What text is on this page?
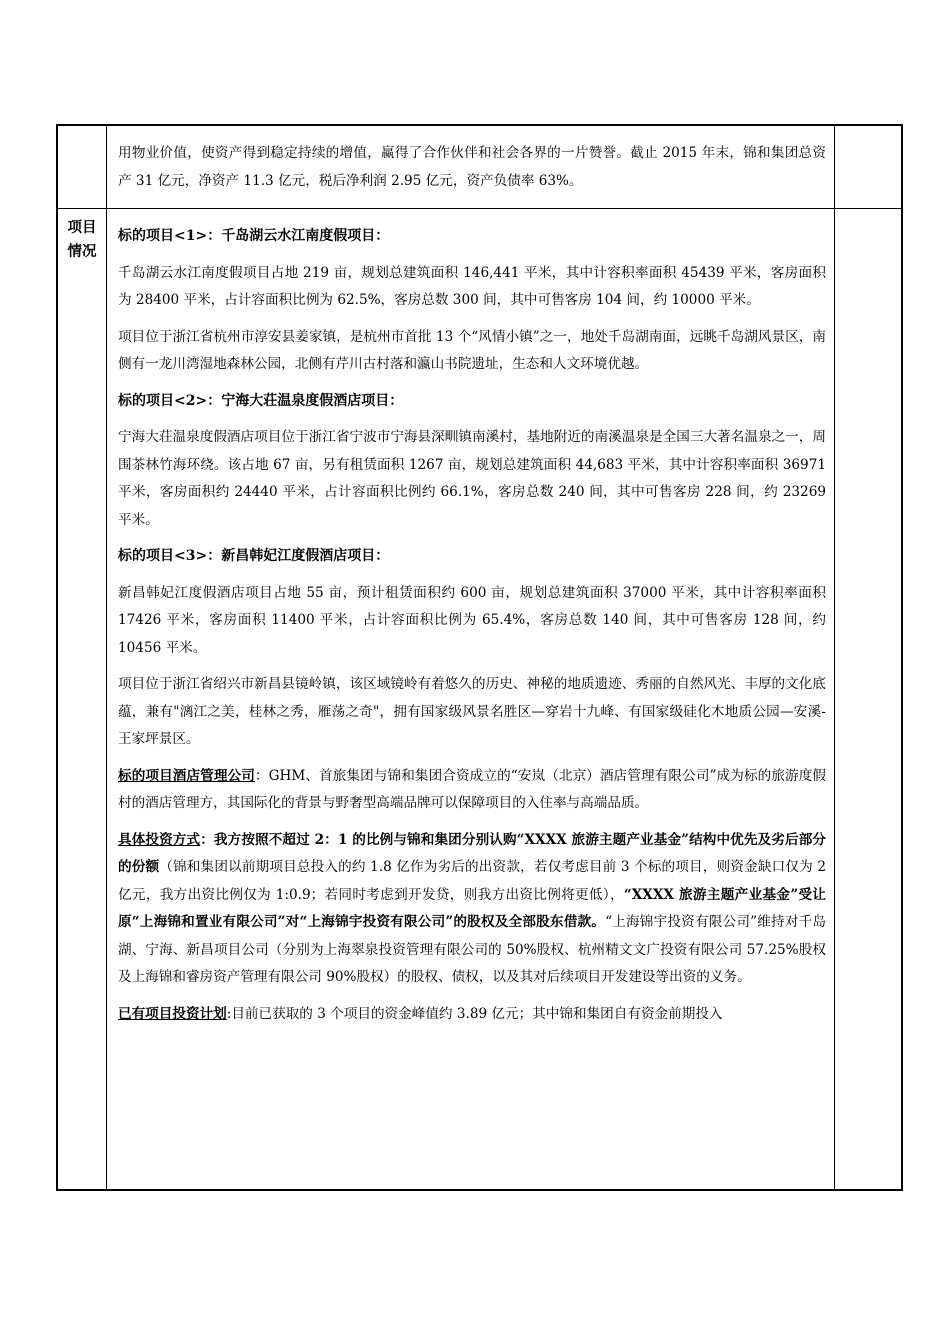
用物业价值，使资产得到稳定持续的增值，赢得了合作伙伴和社会各界的一片赞誉。截止 2015 年末，锦和集团总资产 31 亿元，净资产 11.3 亿元，税后净利润 2.95 亿元，资产负债率 63%。

项目
情况

标的项目<1>：千岛湖云水江南度假项目：

千岛湖云水江南度假项目占地 219 亩，规划总建筑面积 146,441 平米，其中计容积率面积 45439 平米，客房面积为 28400 平米，占计容面积比例为 62.5%，客房总数 300 间，其中可售客房 104 间，约 10000 平米。

项目位于浙江省杭州市淳安县姜家镇，是杭州市首批 13 个“风情小镇”之一，地处千岛湖南面，远眺千岛湖风景区，南侧有一龙川湾湿地森林公园，北侧有芹川古村落和瀛山书院遗址，生态和人文环境优越。

标的项目<2>：宁海大荘温泉度假酒店项目：

宁海大荘温泉度假酒店项目位于浙江省宁波市宁海县深甽镇南溪村，基地附近的南溪温泉是全国三大著名温泉之一，周围茶林竹海环绕。该占地 67 亩，另有租赁面积 1267 亩，规划总建筑面积 44,683 平米，其中计容积率面积 36971 平米，客房面积约 24440 平米，占计容面积比例约 66.1%，客房总数 240 间，其中可售客房 228 间，约 23269 平米。

标的项目<3>：新昌韩妃江度假酒店项目：

新昌韩妃江度假酒店项目占地 55 亩，预计租赁面积约 600 亩，规划总建筑面积 37000 平米，其中计容积率面积 17426 平米，客房面积 11400 平米，占计容面积比例为 65.4%，客房总数 140 间，其中可售客房 128 间，约 10456 平米。

项目位于浙江省绍兴市新昌县镜岭镇，该区域镜岭有着悠久的历史、神秘的地质遗迹、秀丽的自然风光、丰厚的文化底蕴，兼有"漓江之美，桂林之秀，雁荡之奇"，拥有国家级风景名胜区—穿岩十九峰、有国家级硅化木地质公园—安溪-王家坪景区。

标的项目酒店管理公司：GHM、首旅集团与锦和集团合资成立的“安岚（北京）酒店管理有限公司”成为标的旅游度假村的酒店管理方，其国际化的背景与野奢型高端品牌可以保障项目的入住率与高端品质。

具体投资方式：我方按照不超过 2：1 的比例与锦和集团分别认购“XXXX 旅游主题产业基金”结构中优先及劣后部分的份额（锦和集团以前期项目总投入的约 1.8 亿作为劣后的出资款，若仅考虑目前 3 个标的项目，则资金缺口仅为 2 亿元，我方出资比例仅为 1:0.9；若同时考虑到开发贷，则我方出资比例将更低），“XXXX 旅游主题产业基金”受让原“上海锦和置业有限公司”对“上海锦宇投资有限公司”的股权及全部股东借款。“上海锦宇投资有限公司”维持对千岛湖、宁海、新昌项目公司（分别为上海翠泉投资管理有限公司的 50%股权、杭州精文文广投资有限公司 57.25%股权及上海锦和睿房资产管理有限公司 90%股权）的股权、债权，以及其对后续项目开发建设等出资的义务。

已有项目投资计划:目前已获取的 3 个项目的资金峰值约 3.89 亿元；其中锦和集团自有资金前期投入
